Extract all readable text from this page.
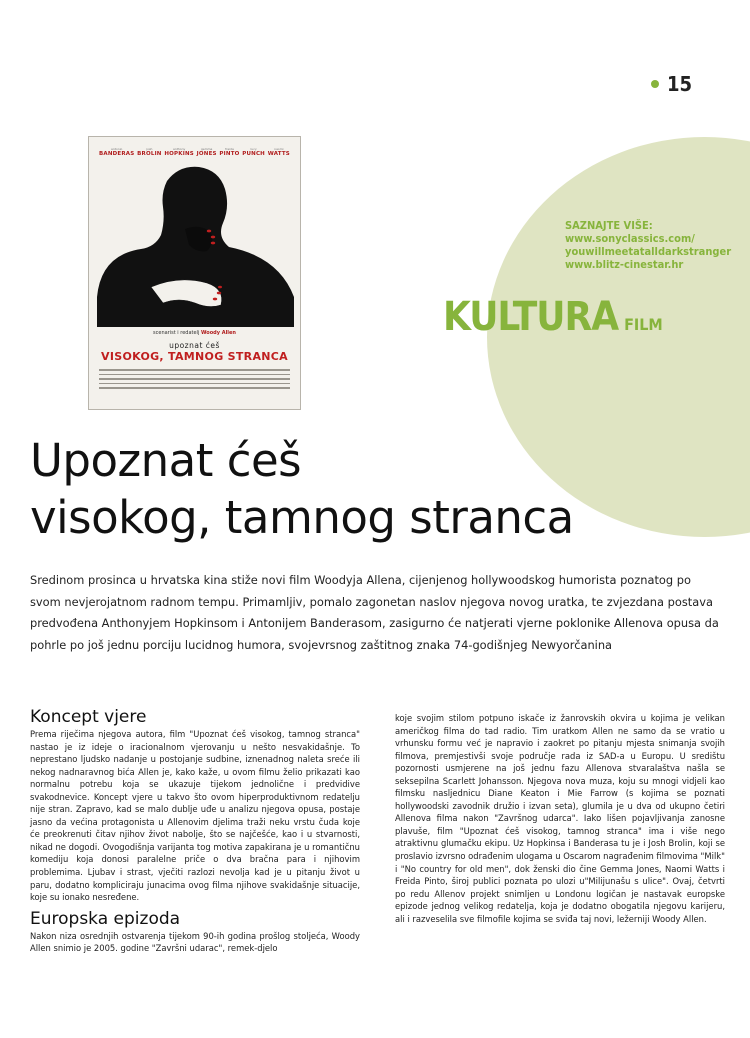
15
antonio
BANDERAS
josh
BROLIN
anthony
HOPKINS
gemma
JONES
freida
PINTO
lucy
PUNCH
naomi
WATTS
scenarist i redatelj Woody Allen
upoznat ćeš
VISOKOG, TAMNOG STRANCA
SAZNAJTE VIŠE:
www.sonyclassics.com/
youwillmeetatalldarkstranger
www.blitz-cinestar.hr
KULTURA FILM
Upoznat ćeš
visokog, tamnog stranca

Sredinom prosinca u hrvatska kina stiže novi film Woodyja Allena, cijenjenog hollywoodskog humorista poznatog po svom nevjerojatnom radnom tempu. Primamljiv, pomalo zagonetan naslov njegova novog uratka, te zvjezdana postava predvođena Anthonyjem Hopkinsom i Antonijem Banderasom, zasigurno će natjerati vjerne poklonike Allenova opusa da pohrle po još jednu porciju lucidnog humora, svojevrsnog zaštitnog znaka 74-godišnjeg Newyorčanina

Koncept vjere

Prema riječima njegova autora, film "Upoznat ćeš visokog, tamnog stranca" nastao je iz ideje o iracionalnom vjerovanju u nešto nesvakidašnje. To neprestano ljudsko nadanje u postojanje sudbine, iznenadnog naleta sreće ili nekog nadnaravnog bića Allen je, kako kaže, u ovom filmu želio prikazati kao normalnu potrebu koja se ukazuje tijekom jednolične i predvidive svakodnevice. Koncept vjere u takvo što ovom hiperproduktivnom redatelju nije stran. Zapravo, kad se malo dublje uđe u analizu njegova opusa, postaje jasno da većina protagonista u Allenovim djelima traži neku vrstu čuda koje će preokrenuti čitav njihov život nabolje, što se najčešće, kao i u stvarnosti, nikad ne dogodi. Ovogodišnja varijanta tog motiva zapakirana je u romantičnu komediju koja donosi paralelne priče o dva bračna para i njihovim problemima. Ljubav i strast, vječiti razlozi nevolja kad je u pitanju život u paru, dodatno kompliciraju junacima ovog filma njihove svakidašnje situacije, koje su ionako nesređene.

Europska epizoda

Nakon niza osrednjih ostvarenja tijekom 90-ih godina prošlog stoljeća, Woody Allen snimio je 2005. godine "Završni udarac", remek-djelo

koje svojim stilom potpuno iskače iz žanrovskih okvira u kojima je velikan američkog filma do tad radio. Tim uratkom Allen ne samo da se vratio u vrhunsku formu već je napravio i zaokret po pitanju mjesta snimanja svojih filmova, premjestivši svoje područje rada iz SAD-a u Europu. U središtu pozornosti usmjerene na još jednu fazu Allenova stvaralaštva našla se seksepilna Scarlett Johansson. Njegova nova muza, koju su mnogi vidjeli kao filmsku nasljednicu Diane Keaton i Mie Farrow (s kojima se poznati hollywoodski zavodnik družio i izvan seta), glumila je u dva od ukupno četiri Allenova filma nakon "Završnog udarca". Iako lišen pojavljivanja zanosne plavuše, film "Upoznat ćeš visokog, tamnog stranca" ima i više nego atraktivnu glumačku ekipu. Uz Hopkinsa i Banderasa tu je i Josh Brolin, koji se proslavio izvrsno odrađenim ulogama u Oscarom nagrađenim filmovima "Milk" i "No country for old men", dok ženski dio čine Gemma Jones, Naomi Watts i Freida Pinto, široj publici poznata po ulozi u"Milijunašu s ulice". Ovaj, četvrti po redu Allenov projekt snimljen u Londonu logičan je nastavak europske epizode jednog velikog redatelja, koja je dodatno obogatila njegovu karijeru, ali i razveselila sve filmofile kojima se sviđa taj novi, ležerniji Woody Allen.
